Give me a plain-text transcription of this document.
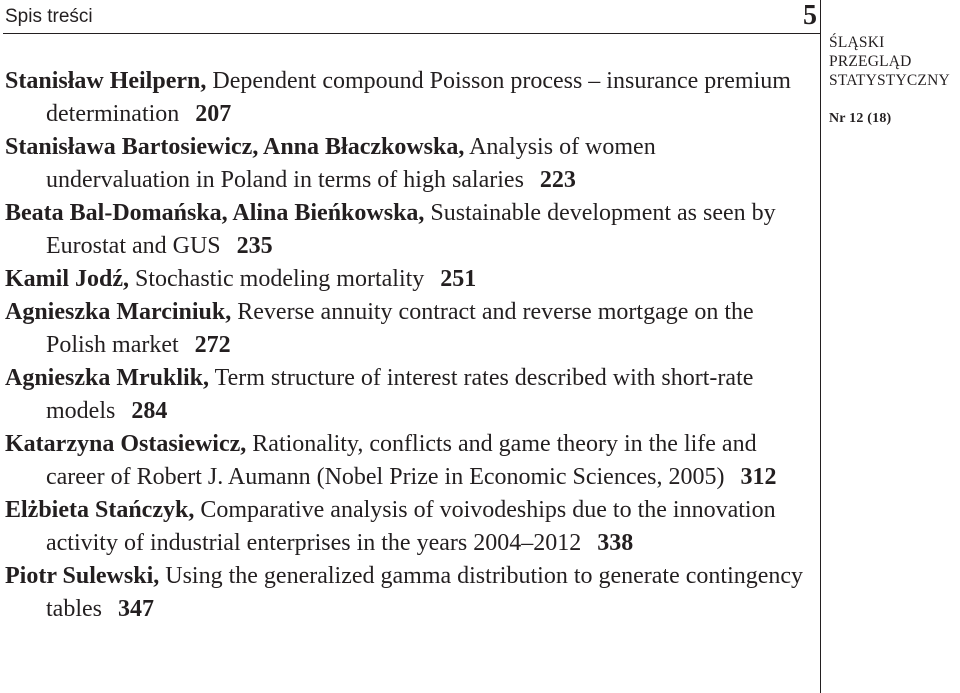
Spis treści	5
ŚLĄSKI
PRZEGLĄD
STATYSTYCZNY
Nr 12 (18)
Stanisław Heilpern, Dependent compound Poisson process – insurance premium determination 207
Stanisława Bartosiewicz, Anna Błaczkowska, Analysis of women undervaluation in Poland in terms of high salaries 223
Beata Bal-Domańska, Alina Bieńkowska, Sustainable development as seen by Eurostat and GUS 235
Kamil Jodź, Stochastic modeling mortality 251
Agnieszka Marciniuk, Reverse annuity contract and reverse mortgage on the Polish market 272
Agnieszka Mruklik, Term structure of interest rates described with short-rate models 284
Katarzyna Ostasiewicz, Rationality, conflicts and game theory in the life and career of Robert J. Aumann (Nobel Prize in Economic Sciences, 2005) 312
Elżbieta Stańczyk, Comparative analysis of voivodeships due to the innovation activity of industrial enterprises in the years 2004–2012 338
Piotr Sulewski, Using the generalized gamma distribution to generate contingency tables 347
